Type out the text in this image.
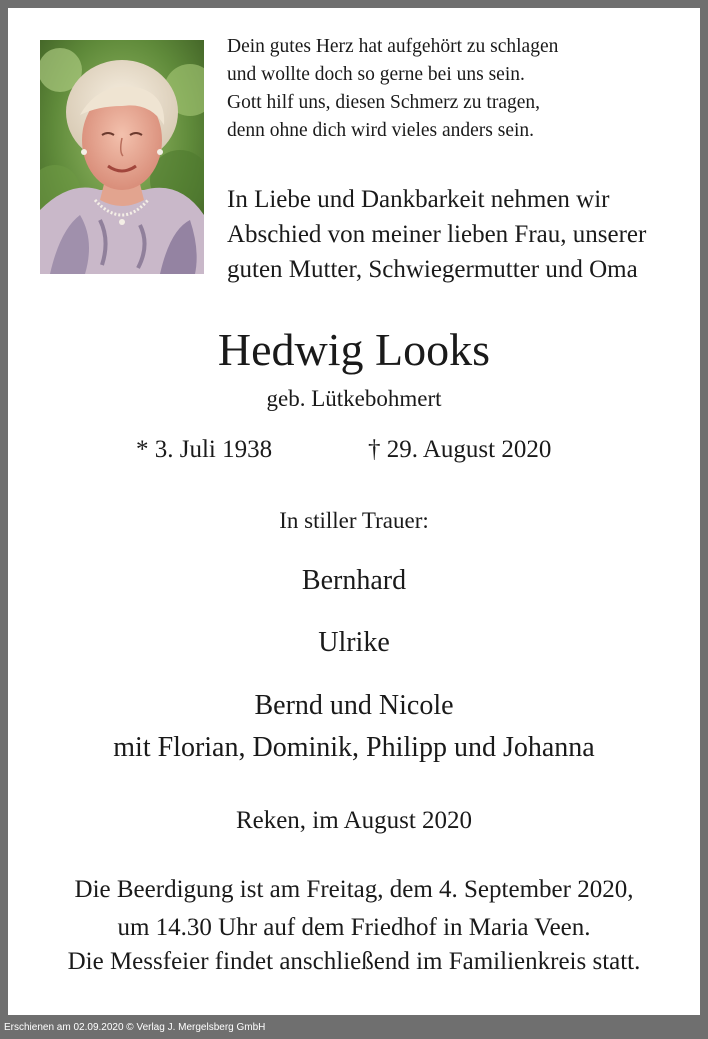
Dein gutes Herz hat aufgehört zu schlagen
und wollte doch so gerne bei uns sein.
Gott hilf uns, diesen Schmerz zu tragen,
denn ohne dich wird vieles anders sein.
In Liebe und Dankbarkeit nehmen wir
Abschied von meiner lieben Frau, unserer
guten Mutter, Schwiegermutter und Oma
Hedwig Looks
geb. Lütkebohmert
* 3. Juli 1938	† 29. August 2020
In stiller Trauer:
Bernhard
Ulrike
Bernd und Nicole
mit Florian, Dominik, Philipp und Johanna
Reken, im August 2020
Die Beerdigung ist am Freitag, dem 4. September 2020,
um 14.30 Uhr auf dem Friedhof in Maria Veen.
Die Messfeier findet anschließend im Familienkreis statt.
Erschienen am 02.09.2020 © Verlag J. Mergelsberg GmbH
